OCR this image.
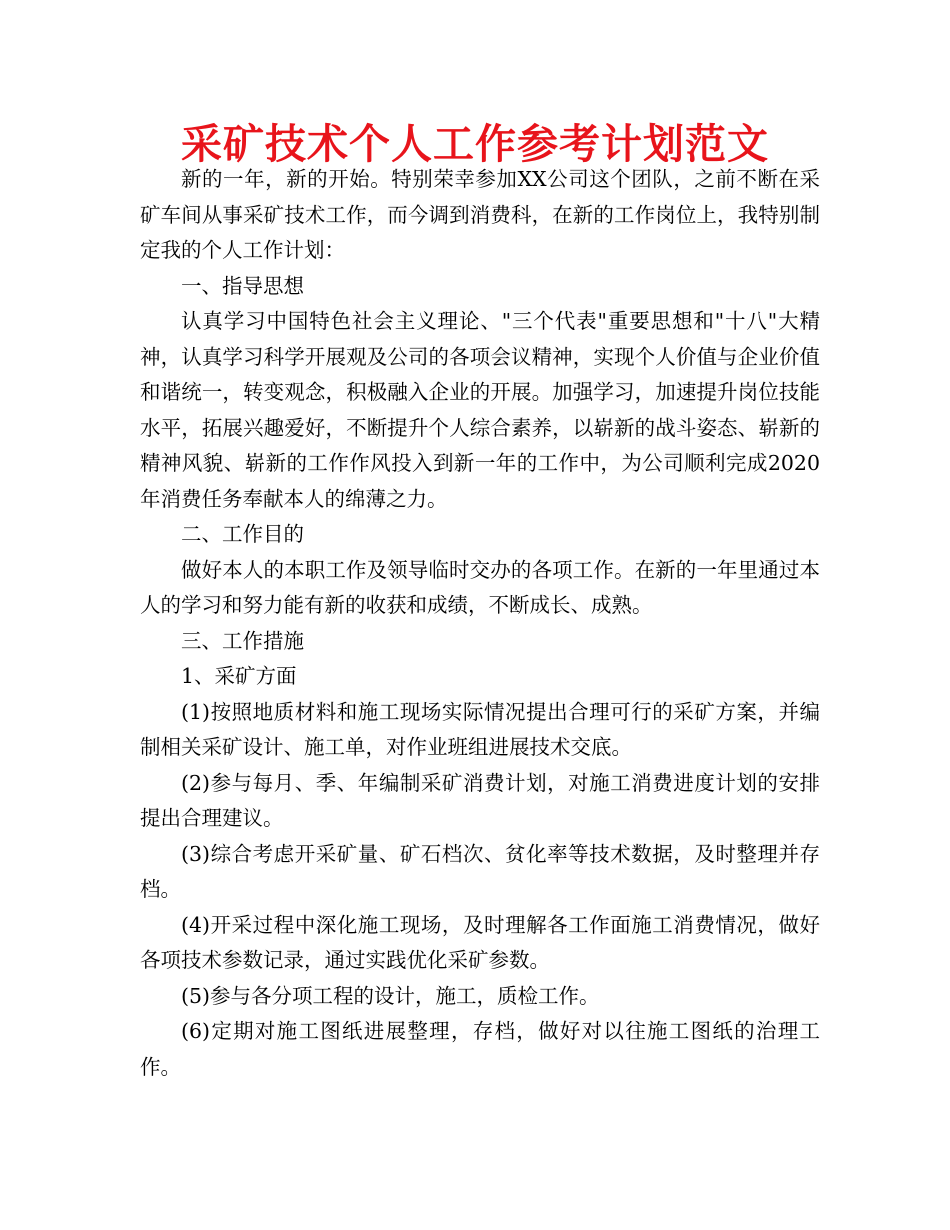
采矿技术个人工作参考计划范文

新的一年，新的开始。特别荣幸参加XX公司这个团队，之前不断在采矿车间从事采矿技术工作，而今调到消费科，在新的工作岗位上，我特别制定我的个人工作计划：

一、指导思想

认真学习中国特色社会主义理论、"三个代表"重要思想和"十八"大精神，认真学习科学开展观及公司的各项会议精神，实现个人价值与企业价值和谐统一，转变观念，积极融入企业的开展。加强学习，加速提升岗位技能水平，拓展兴趣爱好，不断提升个人综合素养，以崭新的战斗姿态、崭新的精神风貌、崭新的工作作风投入到新一年的工作中，为公司顺利完成2020年消费任务奉献本人的绵薄之力。

二、工作目的

做好本人的本职工作及领导临时交办的各项工作。在新的一年里通过本人的学习和努力能有新的收获和成绩，不断成长、成熟。

三、工作措施

1、采矿方面

(1)按照地质材料和施工现场实际情况提出合理可行的采矿方案，并编制相关采矿设计、施工单，对作业班组进展技术交底。

(2)参与每月、季、年编制采矿消费计划，对施工消费进度计划的安排提出合理建议。

(3)综合考虑开采矿量、矿石档次、贫化率等技术数据，及时整理并存档。

(4)开采过程中深化施工现场，及时理解各工作面施工消费情况，做好各项技术参数记录，通过实践优化采矿参数。

(5)参与各分项工程的设计，施工，质检工作。

(6)定期对施工图纸进展整理，存档，做好对以往施工图纸的治理工作。
